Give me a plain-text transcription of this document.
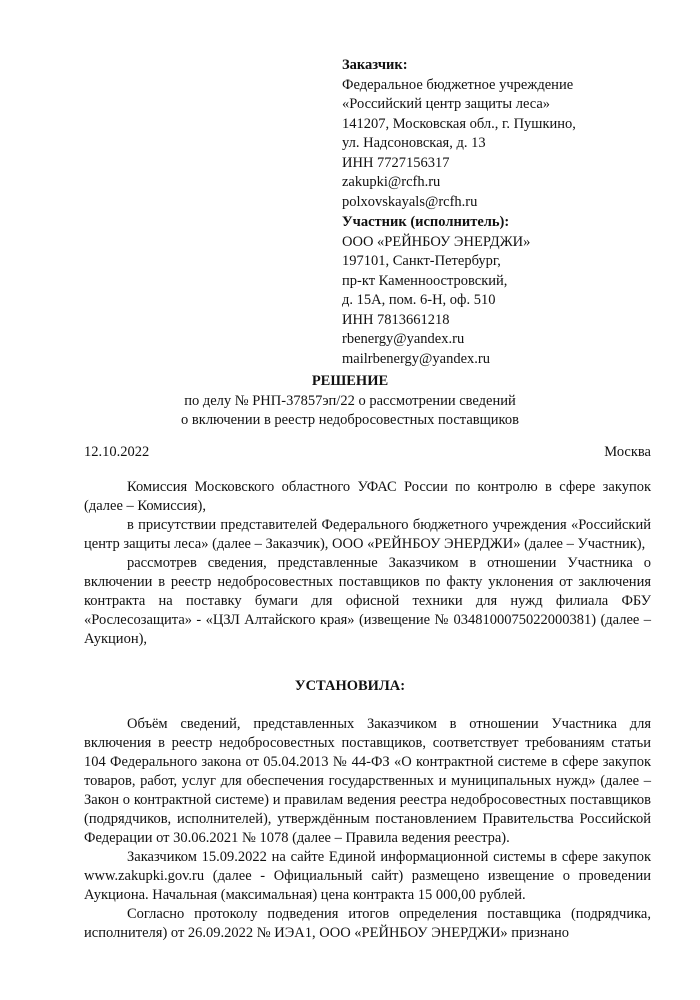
Заказчик:
Федеральное бюджетное учреждение
«Российский центр защиты леса»
141207, Московская обл., г. Пушкино,
ул. Надсоновская, д. 13
ИНН 7727156317
zakupki@rcfh.ru
polxovskayals@rcfh.ru
Участник (исполнитель):
ООО «РЕЙНБОУ ЭНЕРДЖИ»
197101, Санкт-Петербург,
пр-кт Каменноостровский,
д. 15А, пом. 6-Н, оф. 510
ИНН 7813661218
rbenergy@yandex.ru
mailrbenergy@yandex.ru
РЕШЕНИЕ
по делу № РНП-37857эп/22 о рассмотрении сведений
о включении в реестр недобросовестных поставщиков
12.10.2022	Москва

Комиссия Московского областного УФАС России по контролю в сфере закупок (далее – Комиссия),

в присутствии представителей Федерального бюджетного учреждения «Российский центр защиты леса» (далее – Заказчик), ООО «РЕЙНБОУ ЭНЕРДЖИ» (далее – Участник),

рассмотрев сведения, представленные Заказчиком в отношении Участника о включении в реестр недобросовестных поставщиков по факту уклонения от заключения контракта на поставку бумаги для офисной техники для нужд филиала ФБУ «Рослесозащита» - «ЦЗЛ Алтайского края» (извещение № 0348100075022000381) (далее – Аукцион),

УСТАНОВИЛА:

Объём сведений, представленных Заказчиком в отношении Участника для включения в реестр недобросовестных поставщиков, соответствует требованиям статьи 104 Федерального закона от 05.04.2013 № 44-ФЗ «О контрактной системе в сфере закупок товаров, работ, услуг для обеспечения государственных и муниципальных нужд» (далее – Закон о контрактной системе) и правилам ведения реестра недобросовестных поставщиков (подрядчиков, исполнителей), утверждённым постановлением Правительства Российской Федерации от 30.06.2021 № 1078 (далее – Правила ведения реестра).

Заказчиком 15.09.2022 на сайте Единой информационной системы в сфере закупок www.zakupki.gov.ru (далее - Официальный сайт) размещено извещение о проведении Аукциона. Начальная (максимальная) цена контракта 15 000,00 рублей.

Согласно протоколу подведения итогов определения поставщика (подрядчика, исполнителя) от 26.09.2022 № ИЭА1, ООО «РЕЙНБОУ ЭНЕРДЖИ» признано
